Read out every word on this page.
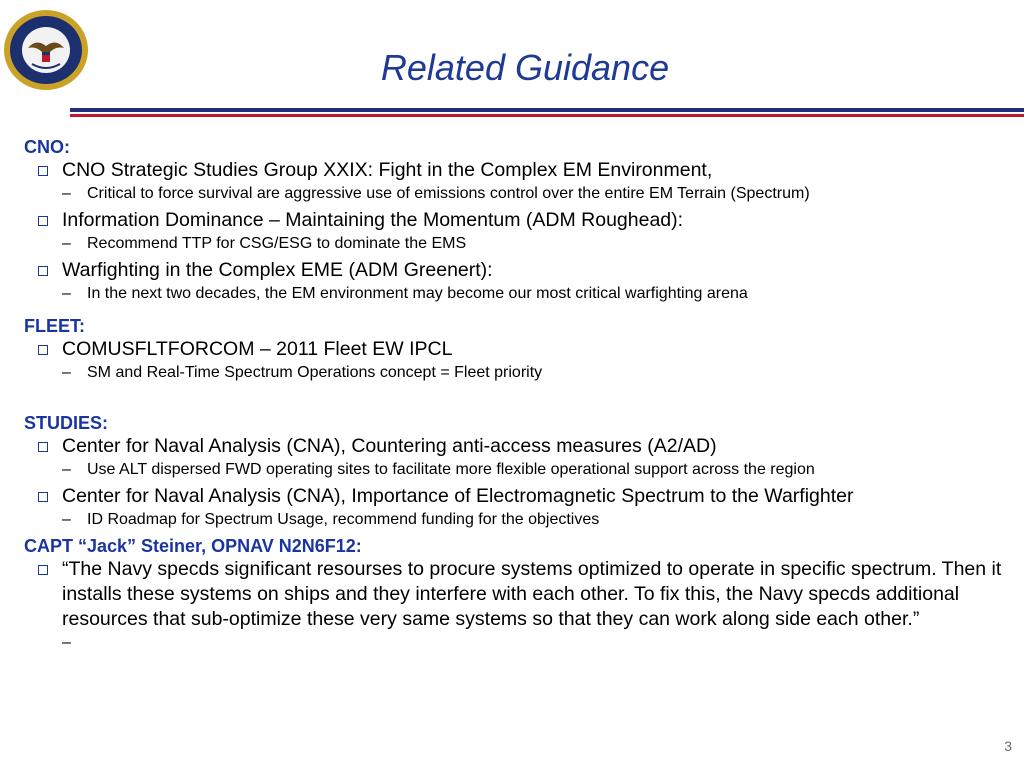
Related Guidance
CNO:
CNO Strategic Studies Group XXIX: Fight in the Complex EM Environment,
– Critical to force survival are aggressive use of emissions control over the entire EM Terrain (Spectrum)
Information Dominance – Maintaining the Momentum (ADM Roughead):
– Recommend TTP for CSG/ESG to dominate the EMS
Warfighting in the Complex EME (ADM Greenert):
– In the next two decades, the EM environment may become our most critical warfighting arena
FLEET:
COMUSFLTFORCOM – 2011 Fleet EW IPCL
– SM and Real-Time Spectrum Operations concept = Fleet priority
STUDIES:
Center for Naval Analysis (CNA), Countering anti-access measures (A2/AD)
– Use ALT dispersed FWD operating sites to facilitate more flexible operational support across the region
Center for Naval Analysis (CNA), Importance of Electromagnetic Spectrum to the Warfighter
– ID Roadmap for Spectrum Usage, recommend funding for the objectives
CAPT “Jack” Steiner, OPNAV N2N6F12:
“The Navy specds significant resourses to procure systems optimized to operate in specific spectrum. Then it installs these systems on ships and they interfere with each other. To fix this, the Navy specds additional resources that sub-optimize these very same systems so that they can work along side each other.”
–
3
